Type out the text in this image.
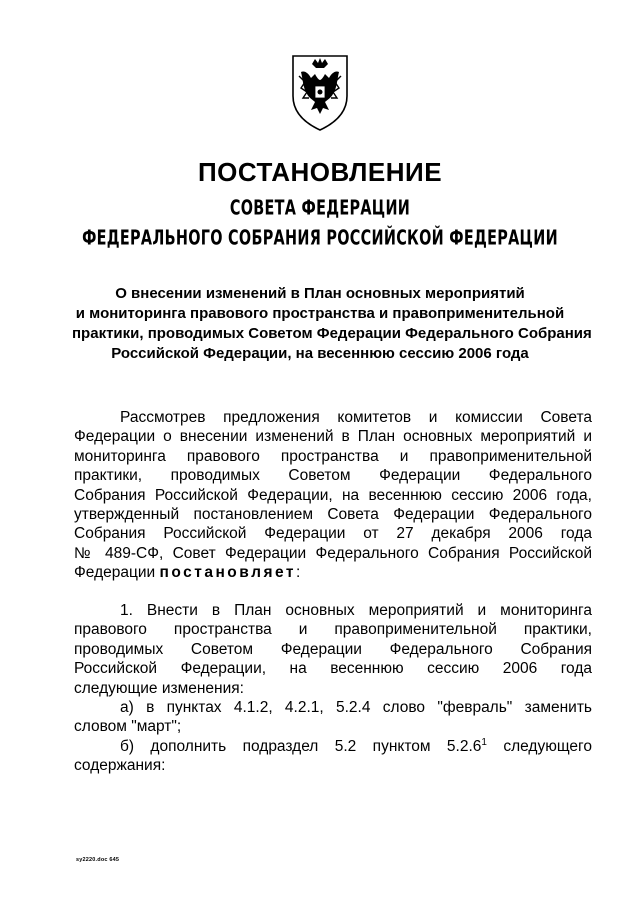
ПОСТАНОВЛЕНИЕ
СОВЕТА ФЕДЕРАЦИИ
ФЕДЕРАЛЬНОГО СОБРАНИЯ РОССИЙСКОЙ ФЕДЕРАЦИИ
О внесении изменений в План основных мероприятий
и мониторинга правового пространства и правоприменительной
практики, проводимых Советом Федерации Федерального Собрания
Российской Федерации, на весеннюю сессию 2006 года
Рассмотрев предложения комитетов и комиссии Совета
Федерации о внесении изменений в План основных мероприятий и
мониторинга правового пространства и правоприменительной
практики, проводимых Советом Федерации Федерального
Собрания Российской Федерации, на весеннюю сессию 2006 года,
утвержденный постановлением Совета Федерации Федерального
Собрания Российской Федерации от 27 декабря 2006 года
№ 489-СФ, Совет Федерации Федерального Собрания Российской
Федерации постановляет:
1. Внести в План основных мероприятий и мониторинга
правового пространства и правоприменительной практики,
проводимых Советом Федерации Федерального Собрания
Российской Федерации, на весеннюю сессию 2006 года
следующие изменения:
а) в пунктах 4.1.2, 4.2.1, 5.2.4 слово "февраль" заменить
словом "март";
б) дополнить подраздел 5.2 пунктом 5.2.6$^1$ следующего
содержания:
sy2220.doc 645
